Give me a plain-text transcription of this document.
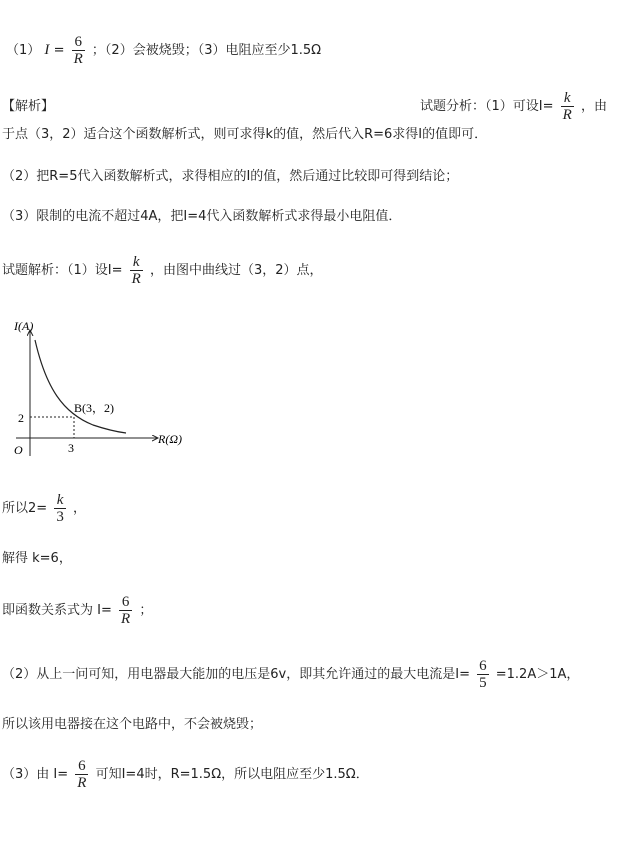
（1） $I = \frac{6}{R}$ ；（2）会被烧毁；（3）电阻应至少1.5Ω
【解析】	试题分析：（1）可设$I= \frac{k}{R}$ ，由
于点（3，2）适合这个函数解析式，则可求得k的值，然后代入R=6求得I的值即可．
（2）把R=5代入函数解析式，求得相应的I的值，然后通过比较即可得到结论；
（3）限制的电流不超过4A，把I=4代入函数解析式求得最小电阻值．
试题解析：（1）设$I= \frac{k}{R}$ ，由图中曲线过（3，2）点，
I(A)
R(Ω)
O
2
3
B(3，2)
所以$2= \frac{k}{3}$ ，
解得 k=6，
即函数关系式为 $I= \frac{6}{R}$ ；
（2）从上一问可知，用电器最大能加的电压是6v，即其允许通过的最大电流是$I= \frac{6}{5} =1.2A>1A$，
所以该用电器接在这个电路中，不会被烧毁；
（3）由 $I= \frac{6}{R}$ 可知I=4时，R=1.5Ω，所以电阻应至少1.5Ω．
